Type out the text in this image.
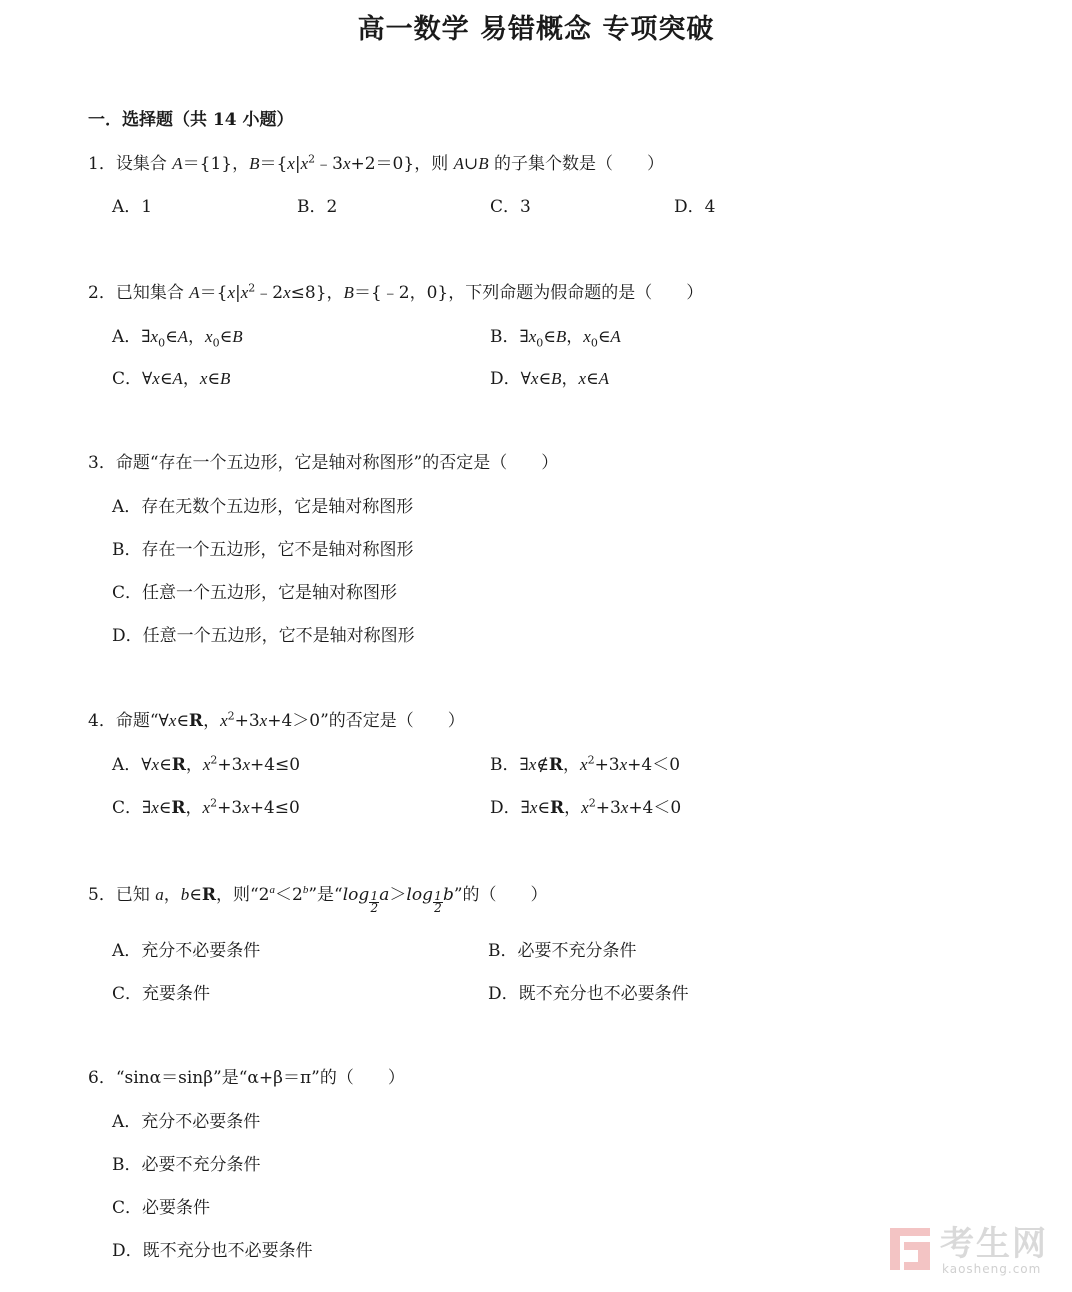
高一数学 易错概念 专项突破
一．选择题（共 14 小题）
1．设集合 A＝{1}，$B=\{x|x^2﹣3x+2=0\}$，则 A∪B 的子集个数是（　　）
A．1	B．2	C．3	D．4
2．已知集合 $A=\{x|x^2﹣2x\le 8\}$，B＝{﹣2，0}，下列命题为假命题的是（　　）
A．$\exists x_0\in A$，$x_0\in B$	B．$\exists x_0\in B$，$x_0\in A$
C．∀x∈A，x∈B	D．∀x∈B，x∈A
3．命题“存在一个五边形，它是轴对称图形”的否定是（　　）
A．存在无数个五边形，它是轴对称图形
B．存在一个五边形，它不是轴对称图形
C．任意一个五边形，它是轴对称图形
D．任意一个五边形，它不是轴对称图形
4．命题“∀x∈R，$x^2+3x+4>0$”的否定是（　　）
A．∀x∈R，$x^2+3x+4\le 0$	B．∃x∉R，$x^2+3x+4<0$
C．∃x∈R，$x^2+3x+4\le 0$	D．∃x∈R，$x^2+3x+4<0$
5．已知 a，b∈R，则“$2^a<2^b$”是“$\log \frac{1}{2} a>\log \frac{1}{2} b$”的（　　）
A．充分不必要条件	B．必要不充分条件
C．充要条件	D．既不充分也不必要条件
6．“sinα＝sinβ”是“α+β＝π”的（　　）
A．充分不必要条件
B．必要不充分条件
C．必要条件
D．既不充分也不必要条件	考生网
kaosheng.com
